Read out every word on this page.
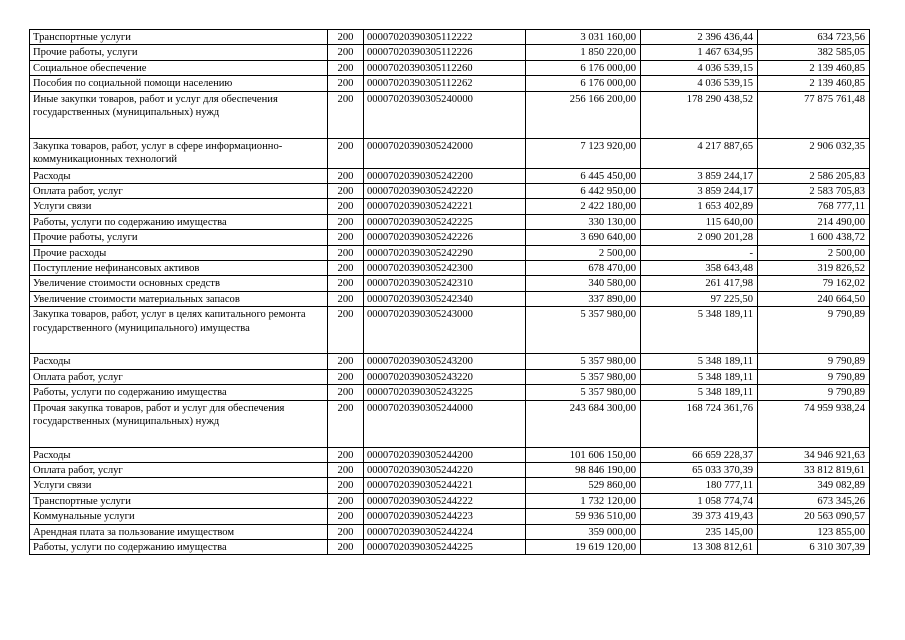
Транспортные услуги	200	00007020390305112222	3 031 160,00	2 396 436,44	634 723,56
Прочие работы, услуги	200	00007020390305112226	1 850 220,00	1 467 634,95	382 585,05
Социальное обеспечение	200	00007020390305112260	6 176 000,00	4 036 539,15	2 139 460,85
Пособия по социальной помощи населению	200	00007020390305112262	6 176 000,00	4 036 539,15	2 139 460,85
Иные закупки товаров, работ и услуг для обеспечения государственных (муниципальных) нужд	200	00007020390305240000	256 166 200,00	178 290 438,52	77 875 761,48
Закупка товаров, работ, услуг в сфере информационно-коммуникационных технологий	200	00007020390305242000	7 123 920,00	4 217 887,65	2 906 032,35
Расходы	200	00007020390305242200	6 445 450,00	3 859 244,17	2 586 205,83
Оплата работ, услуг	200	00007020390305242220	6 442 950,00	3 859 244,17	2 583 705,83
Услуги связи	200	00007020390305242221	2 422 180,00	1 653 402,89	768 777,11
Работы, услуги по содержанию имущества	200	00007020390305242225	330 130,00	115 640,00	214 490,00
Прочие работы, услуги	200	00007020390305242226	3 690 640,00	2 090 201,28	1 600 438,72
Прочие расходы	200	00007020390305242290	2 500,00	-	2 500,00
Поступление нефинансовых активов	200	00007020390305242300	678 470,00	358 643,48	319 826,52
Увеличение стоимости основных средств	200	00007020390305242310	340 580,00	261 417,98	79 162,02
Увеличение стоимости материальных запасов	200	00007020390305242340	337 890,00	97 225,50	240 664,50
Закупка товаров, работ, услуг в целях капитального ремонта государственного (муниципального) имущества	200	00007020390305243000	5 357 980,00	5 348 189,11	9 790,89
Расходы	200	00007020390305243200	5 357 980,00	5 348 189,11	9 790,89
Оплата работ, услуг	200	00007020390305243220	5 357 980,00	5 348 189,11	9 790,89
Работы, услуги по содержанию имущества	200	00007020390305243225	5 357 980,00	5 348 189,11	9 790,89
Прочая закупка товаров, работ и услуг для обеспечения государственных (муниципальных) нужд	200	00007020390305244000	243 684 300,00	168 724 361,76	74 959 938,24
Расходы	200	00007020390305244200	101 606 150,00	66 659 228,37	34 946 921,63
Оплата работ, услуг	200	00007020390305244220	98 846 190,00	65 033 370,39	33 812 819,61
Услуги связи	200	00007020390305244221	529 860,00	180 777,11	349 082,89
Транспортные услуги	200	00007020390305244222	1 732 120,00	1 058 774,74	673 345,26
Коммунальные услуги	200	00007020390305244223	59 936 510,00	39 373 419,43	20 563 090,57
Арендная плата за пользование имуществом	200	00007020390305244224	359 000,00	235 145,00	123 855,00
Работы, услуги по содержанию имущества	200	00007020390305244225	19 619 120,00	13 308 812,61	6 310 307,39
